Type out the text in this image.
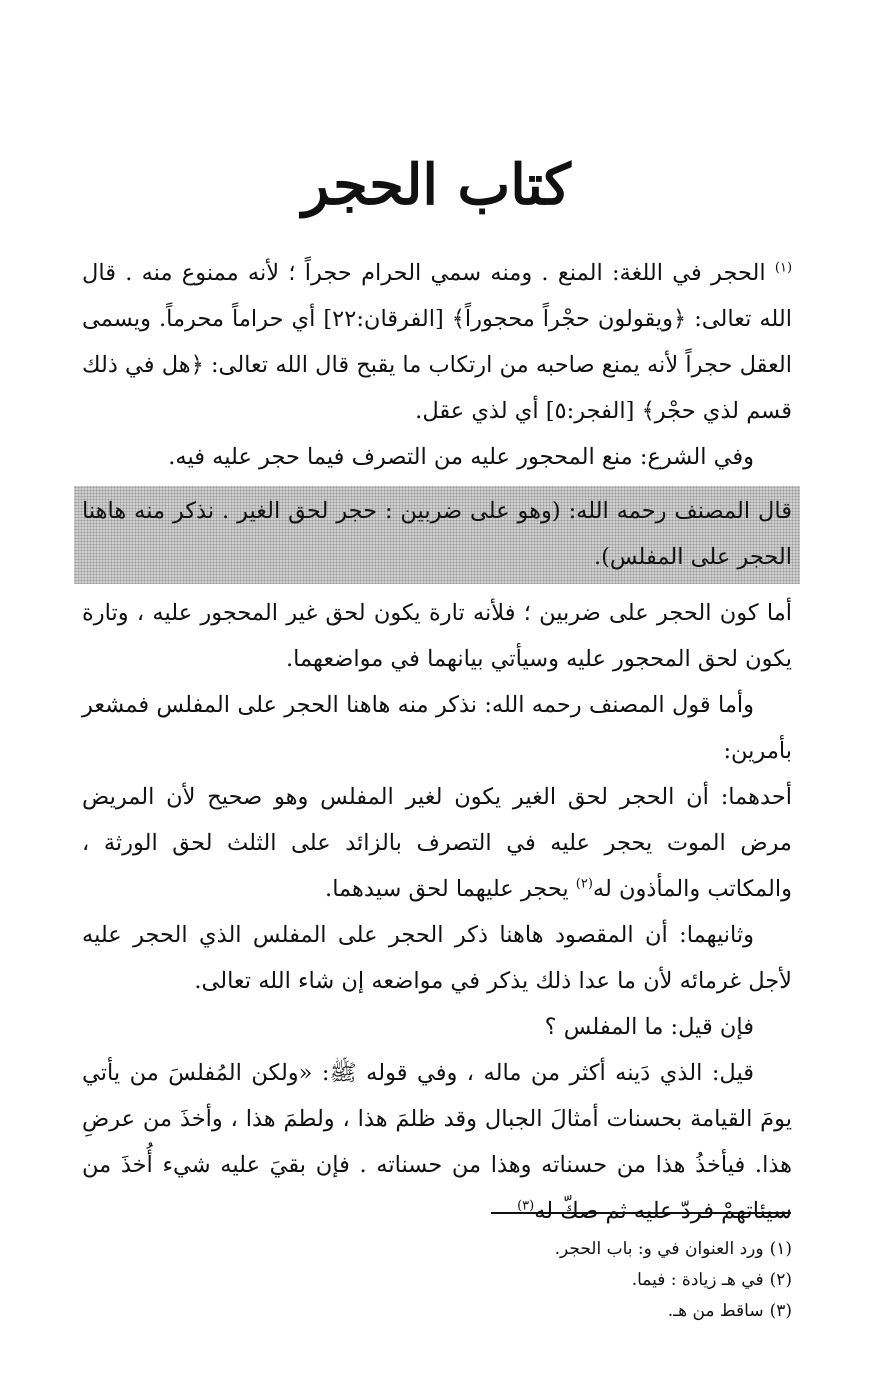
كتاب الحجر

$^{(١)}$ الحجر في اللغة: المنع . ومنه سمي الحرام حجراً ؛ لأنه ممنوع منه . قال الله تعالى: ﴿ويقولون حجْراً محجوراً﴾ [الفرقان:٢٢] أي حراماً محرماً. ويسمى العقل حجراً لأنه يمنع صاحبه من ارتكاب ما يقبح قال الله تعالى: ﴿هل في ذلك قسم لذي حجْر﴾ [الفجر:٥] أي لذي عقل.

وفي الشرع: منع المحجور عليه من التصرف فيما حجر عليه فيه.

قال المصنف رحمه الله: (وهو على ضربين : حجر لحق الغير . نذكر منه هاهنا الحجر على المفلس).

أما كون الحجر على ضربين ؛ فلأنه تارة يكون لحق غير المحجور عليه ، وتارة يكون لحق المحجور عليه وسيأتي بيانهما في مواضعهما.

وأما قول المصنف رحمه الله: نذكر منه هاهنا الحجر على المفلس فمشعر بأمرين:

أحدهما: أن الحجر لحق الغير يكون لغير المفلس وهو صحيح لأن المريض مرض الموت يحجر عليه في التصرف بالزائد على الثلث لحق الورثة ، والمكاتب والمأذون له$^{(٢)}$ يحجر عليهما لحق سيدهما.

وثانيهما: أن المقصود هاهنا ذكر الحجر على المفلس الذي الحجر عليه لأجل غرمائه لأن ما عدا ذلك يذكر في مواضعه إن شاء الله تعالى.

فإن قيل: ما المفلس ؟

قيل: الذي دَينه أكثر من ماله ، وفي قوله ﷺ: «ولكن المُفلسَ من يأتي يومَ القيامة بحسنات أمثالَ الجبال وقد ظلمَ هذا ، ولطمَ هذا ، وأخذَ من عرضِ هذا. فيأخذُ هذا من حسناته وهذا من حسناته . فإن بقيَ عليه شيء أُخذَ من سيئاتهمْ فردّ عليه ثم صكّ له$^{(٣)}$

(١)ورد العنوان في و: باب الحجر.
(٢)في هـ زيادة : فيما.
(٣)ساقط من هـ.
